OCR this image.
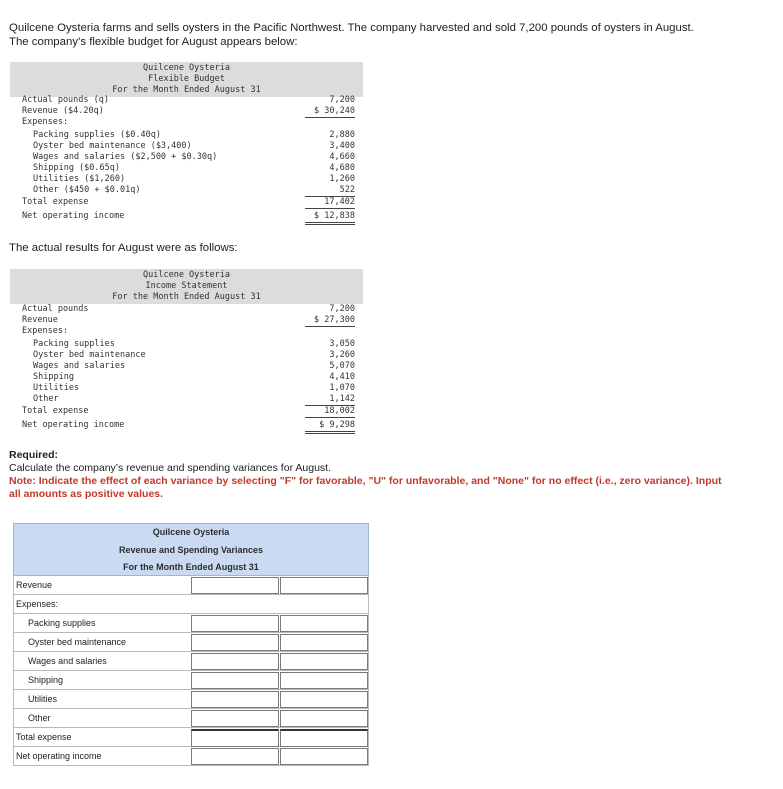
Quilcene Oysteria farms and sells oysters in the Pacific Northwest. The company harvested and sold 7,200 pounds of oysters in August. The company’s flexible budget for August appears below:
Quilcene Oysteria
Flexible Budget
For the Month Ended August 31
Actual pounds (q)	7,200
Revenue ($4.20q)	$ 30,240
Expenses:
Packing supplies ($0.40q)	2,880
Oyster bed maintenance ($3,400)	3,400
Wages and salaries ($2,500 + $0.30q)	4,660
Shipping ($0.65q)	4,680
Utilities ($1,260)	1,260
Other ($450 + $0.01q)	522
Total expense	17,402
Net operating income	$ 12,838
The actual results for August were as follows:
Quilcene Oysteria
Income Statement
For the Month Ended August 31
Actual pounds	7,200
Revenue	$ 27,300
Expenses:
Packing supplies	3,050
Oyster bed maintenance	3,260
Wages and salaries	5,070
Shipping	4,410
Utilities	1,070
Other	1,142
Total expense	18,002
Net operating income	$ 9,298
Required:
Calculate the company’s revenue and spending variances for August.
Note: Indicate the effect of each variance by selecting "F" for favorable, "U" for unfavorable, and "None" for no effect (i.e., zero variance). Input all amounts as positive values.
Quilcene Oysteria
Revenue and Spending Variances
For the Month Ended August 31
Revenue
Expenses:
Packing supplies
Oyster bed maintenance
Wages and salaries
Shipping
Utilities
Other
Total expense
Net operating income
